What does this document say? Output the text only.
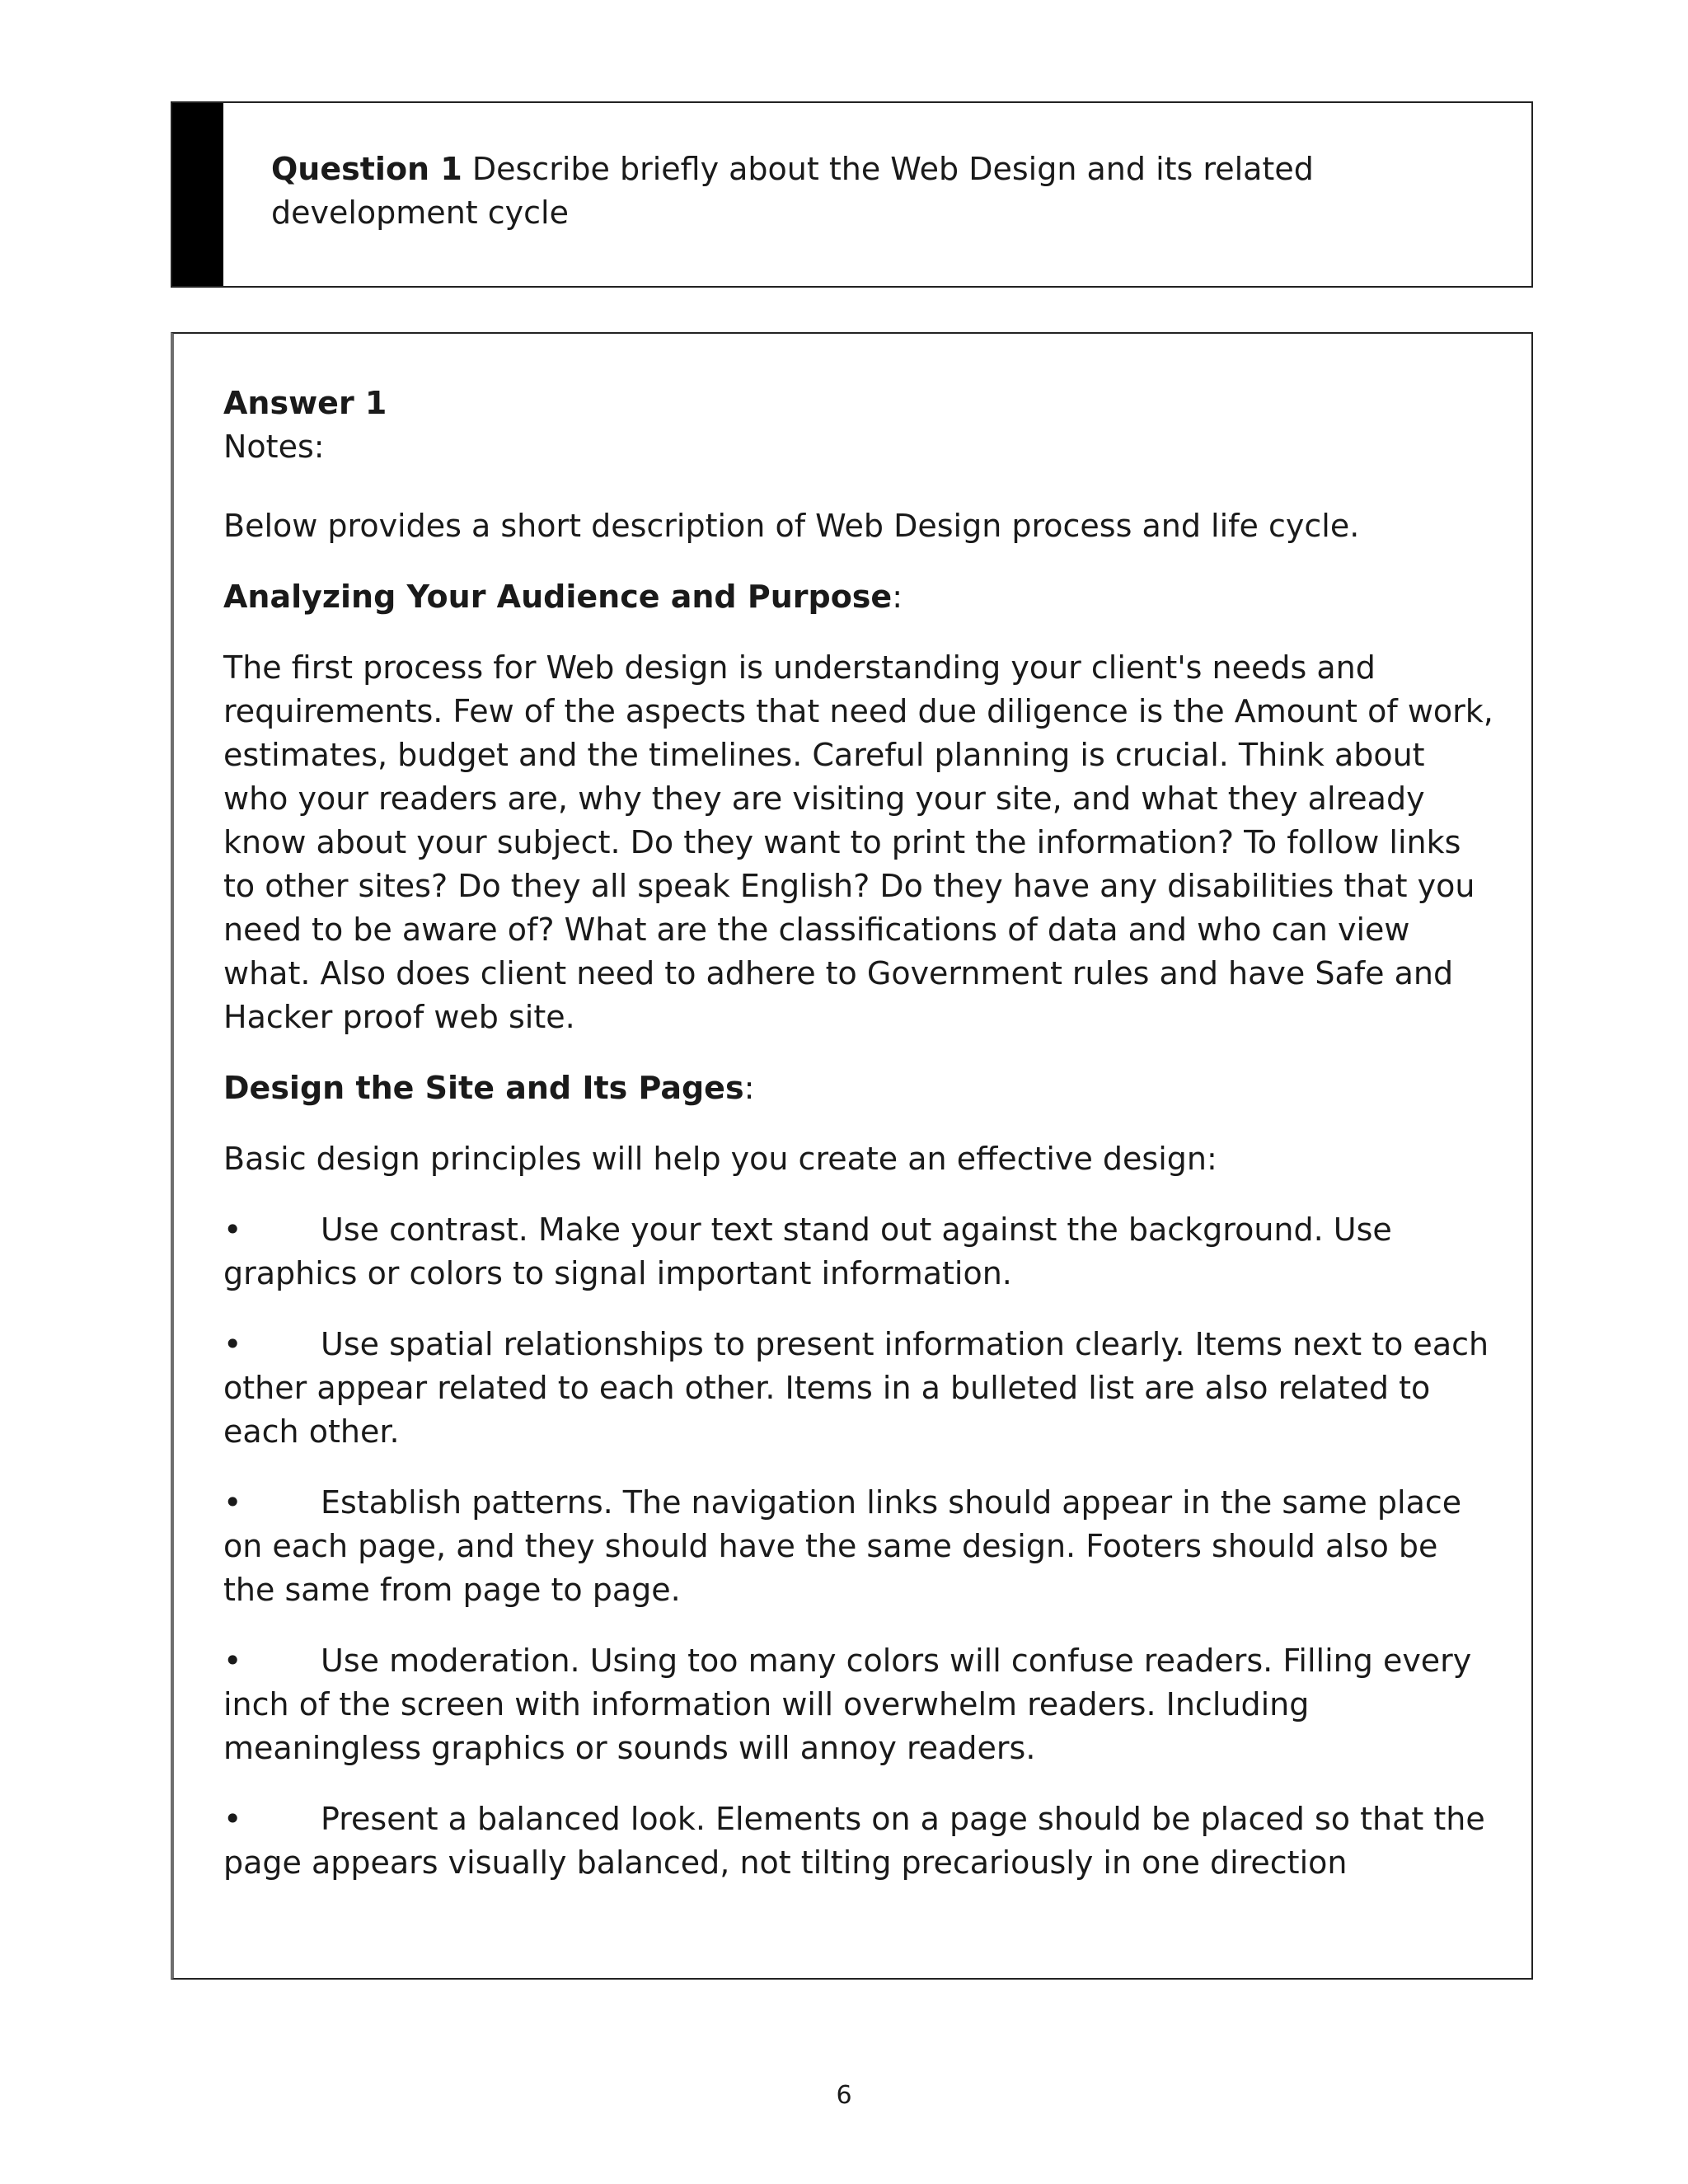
Question 1 Describe briefly about the Web Design and its related development cycle

Answer 1

Notes:

Below provides a short description of Web Design process and life cycle.

Analyzing Your Audience and Purpose:

The first process for Web design is understanding your client's needs and requirements. Few of the aspects that need due diligence is the Amount of work, estimates, budget and the timelines. Careful planning is crucial. Think about who your readers are, why they are visiting your site, and what they already know about your subject. Do they want to print the information? To follow links to other sites? Do they all speak English? Do they have any disabilities that you need to be aware of? What are the classifications of data and who can view what. Also does client need to adhere to Government rules and have Safe and Hacker proof web site.

Design the Site and Its Pages:

Basic design principles will help you create an effective design:

•	Use contrast. Make your text stand out against the background. Use graphics or colors to signal important information.
•	Use spatial relationships to present information clearly. Items next to each other appear related to each other. Items in a bulleted list are also related to each other.
•	Establish patterns. The navigation links should appear in the same place on each page, and they should have the same design. Footers should also be the same from page to page.
•	Use moderation. Using too many colors will confuse readers. Filling every inch of the screen with information will overwhelm readers. Including meaningless graphics or sounds will annoy readers.
•	Present a balanced look. Elements on a page should be placed so that the page appears visually balanced, not tilting precariously in one direction
6
